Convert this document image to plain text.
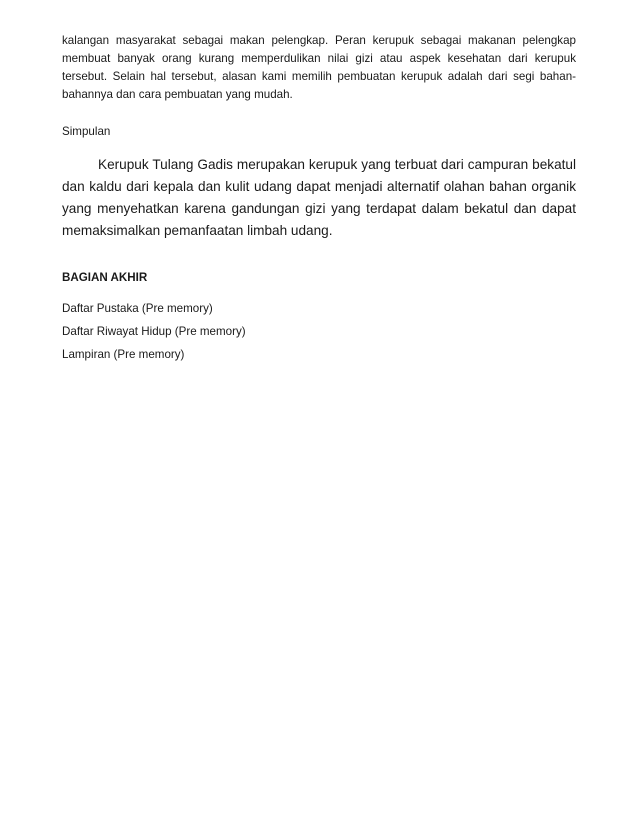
kalangan masyarakat sebagai makan pelengkap. Peran kerupuk sebagai makanan pelengkap membuat banyak orang kurang memperdulikan nilai gizi atau aspek kesehatan dari kerupuk tersebut. Selain hal tersebut, alasan kami memilih pembuatan kerupuk adalah dari segi bahan-bahannya dan cara pembuatan yang mudah.

Simpulan

Kerupuk Tulang Gadis merupakan kerupuk yang terbuat dari campuran bekatul dan kaldu dari kepala dan kulit udang dapat menjadi alternatif olahan bahan organik yang menyehatkan karena gandungan gizi yang terdapat dalam bekatul dan dapat memaksimalkan pemanfaatan limbah udang.

BAGIAN AKHIR

Daftar Pustaka (Pre memory)
Daftar Riwayat Hidup (Pre memory)
Lampiran (Pre memory)
